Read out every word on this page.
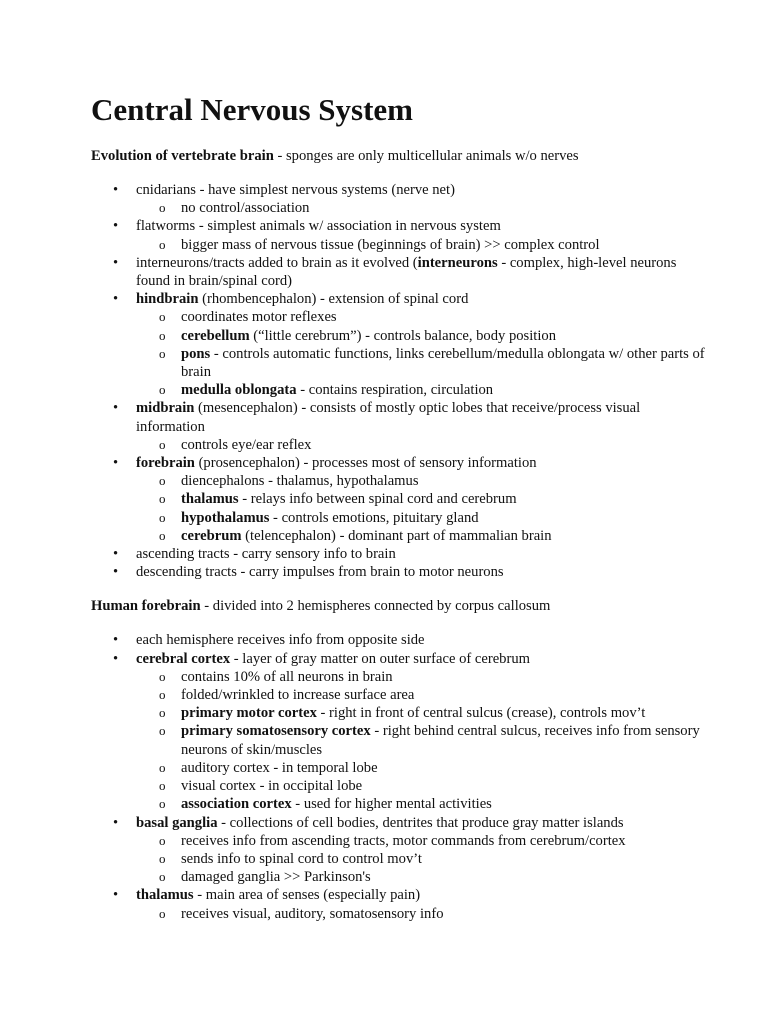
Central Nervous System

Evolution of vertebrate brain - sponges are only multicellular animals w/o nerves

• cnidarians - have simplest nervous systems (nerve net)
o no control/association
• flatworms - simplest animals w/ association in nervous system
o bigger mass of nervous tissue (beginnings of brain) >> complex control
• interneurons/tracts added to brain as it evolved (interneurons - complex, high-level neurons found in brain/spinal cord)
• hindbrain (rhombencephalon) - extension of spinal cord
o coordinates motor reflexes
o cerebellum (“little cerebrum”) - controls balance, body position
o pons - controls automatic functions, links cerebellum/medulla oblongata w/ other parts of brain
o medulla oblongata - contains respiration, circulation
• midbrain (mesencephalon) - consists of mostly optic lobes that receive/process visual information
o controls eye/ear reflex
• forebrain (prosencephalon) - processes most of sensory information
o diencephalons - thalamus, hypothalamus
o thalamus - relays info between spinal cord and cerebrum
o hypothalamus - controls emotions, pituitary gland
o cerebrum (telencephalon) - dominant part of mammalian brain
• ascending tracts - carry sensory info to brain
• descending tracts - carry impulses from brain to motor neurons

Human forebrain - divided into 2 hemispheres connected by corpus callosum

• each hemisphere receives info from opposite side
• cerebral cortex - layer of gray matter on outer surface of cerebrum
o contains 10% of all neurons in brain
o folded/wrinkled to increase surface area
o primary motor cortex - right in front of central sulcus (crease), controls mov’t
o primary somatosensory cortex - right behind central sulcus, receives info from sensory neurons of skin/muscles
o auditory cortex - in temporal lobe
o visual cortex - in occipital lobe
o association cortex - used for higher mental activities
• basal ganglia - collections of cell bodies, dentrites that produce gray matter islands
o receives info from ascending tracts, motor commands from cerebrum/cortex
o sends info to spinal cord to control mov’t
o damaged ganglia >> Parkinson's
• thalamus - main area of senses (especially pain)
o receives visual, auditory, somatosensory info
